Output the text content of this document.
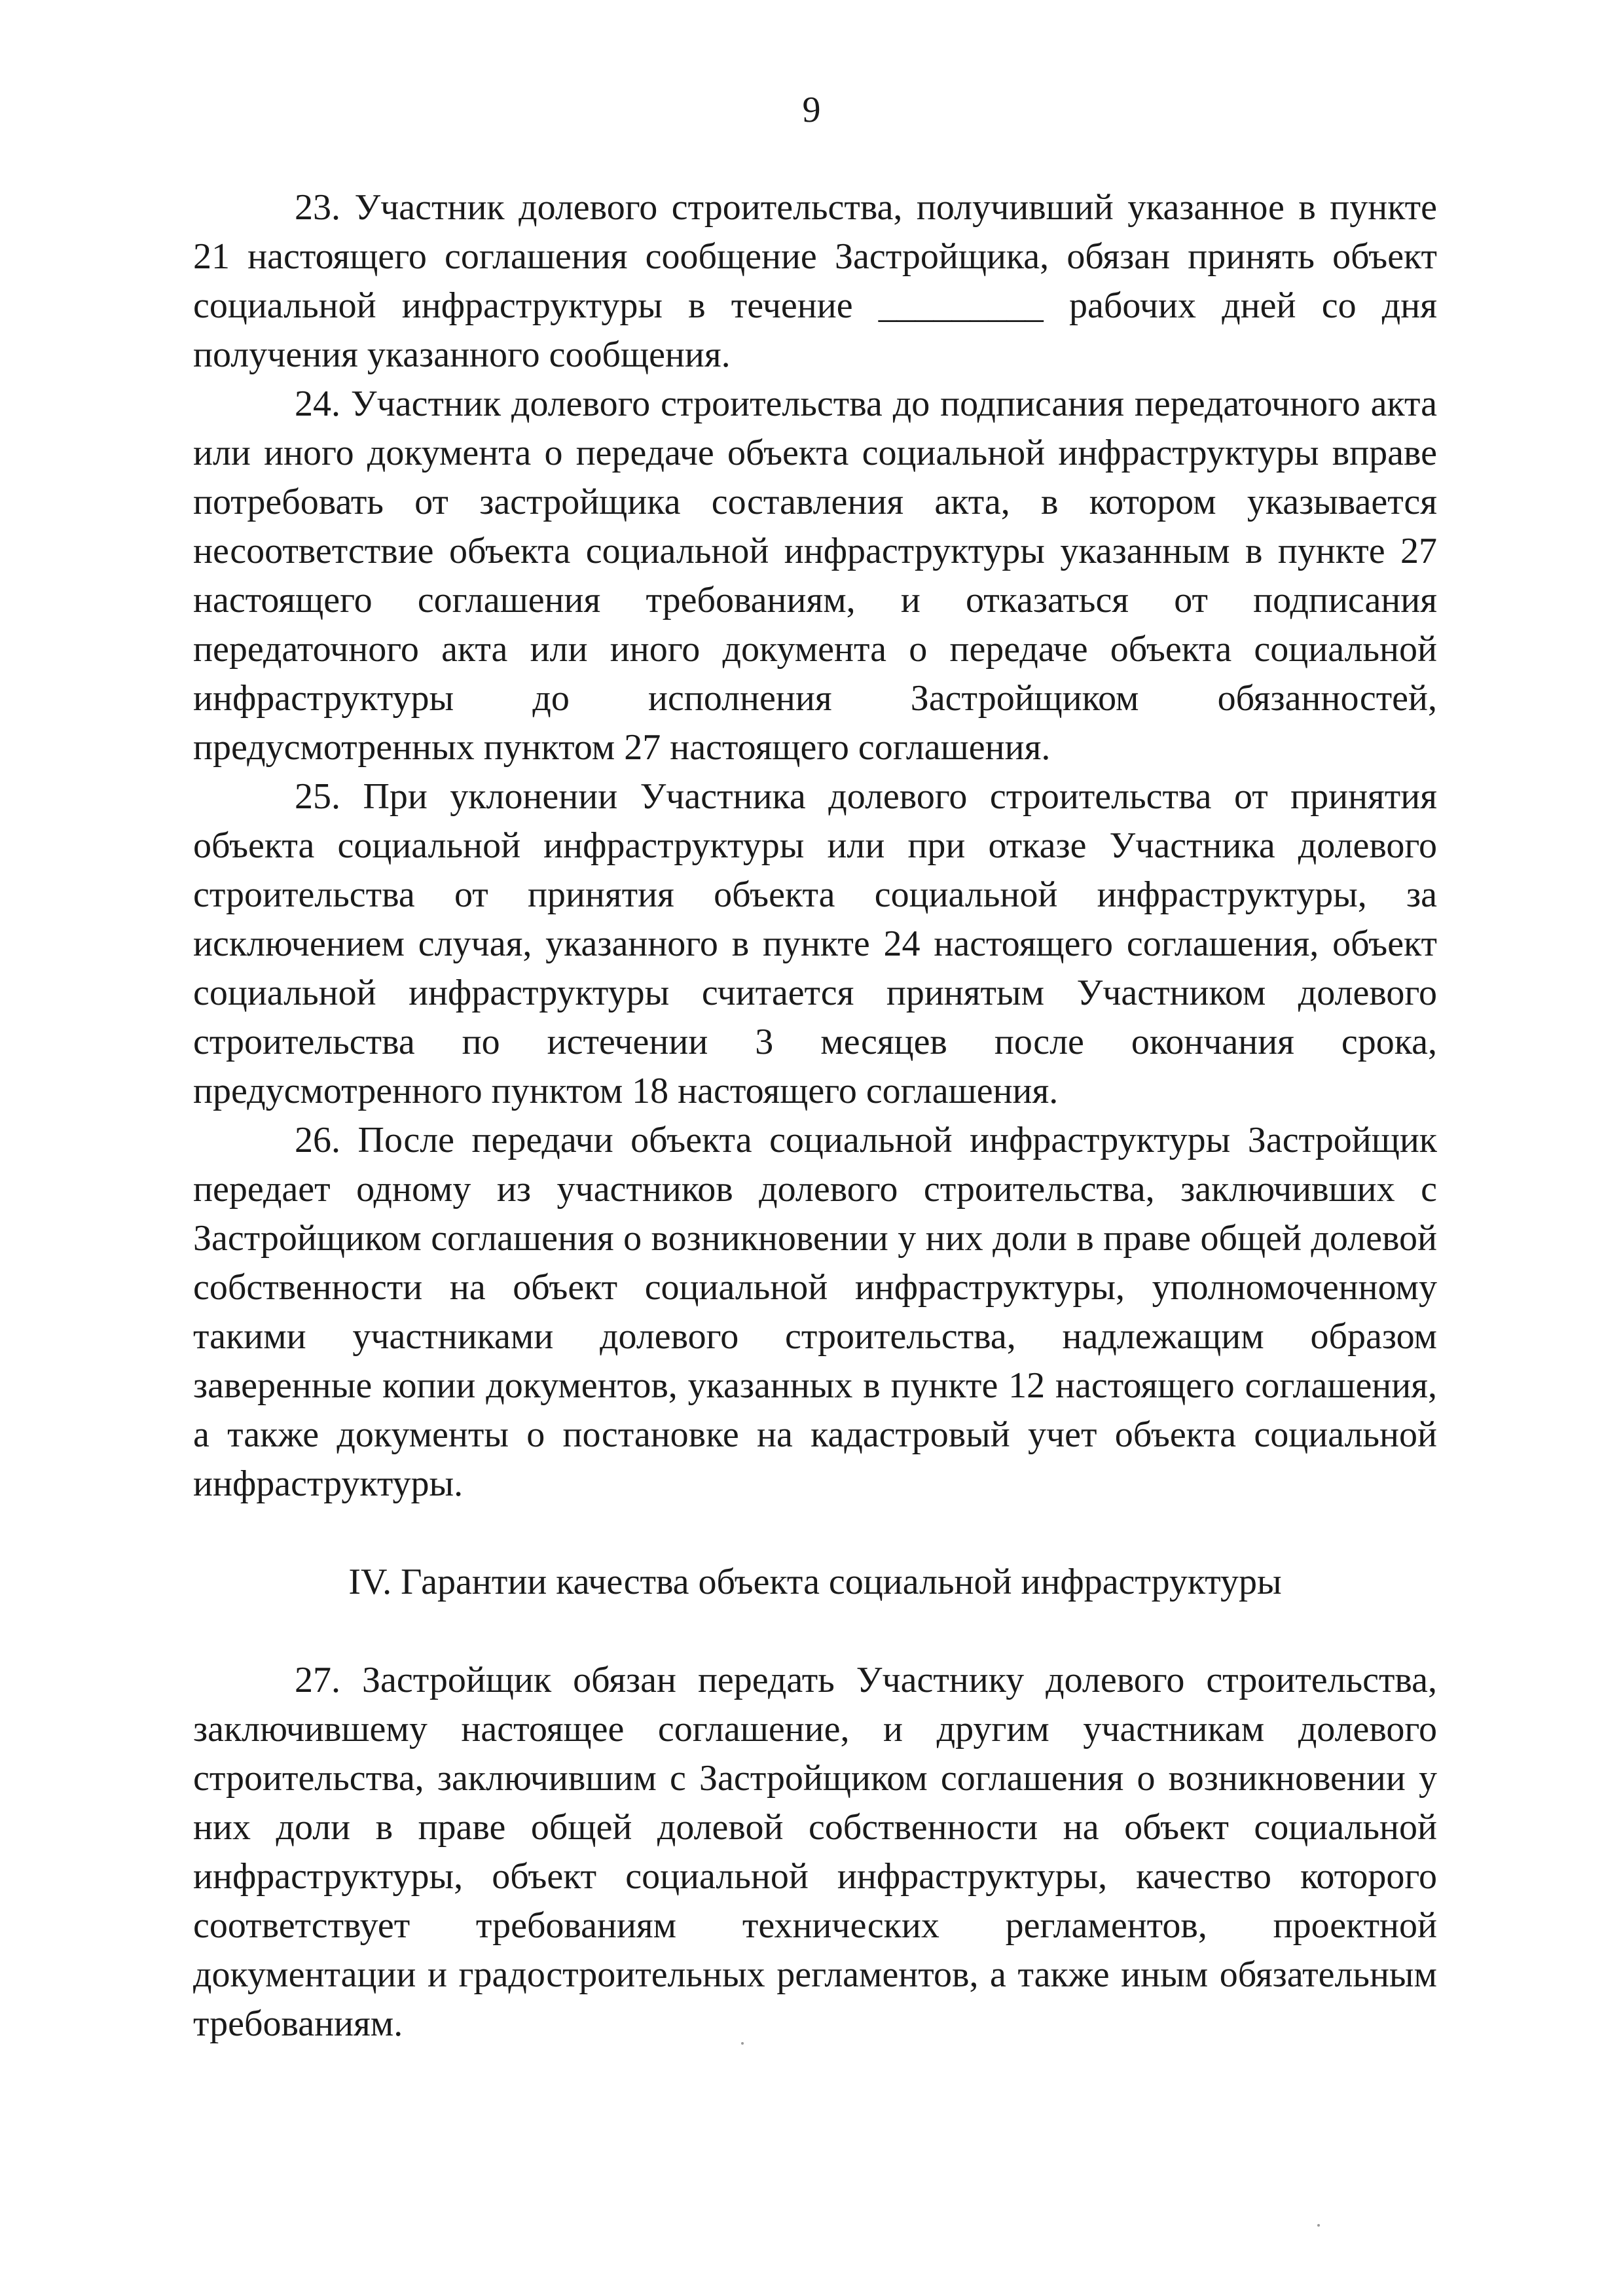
9

23. Участник долевого строительства, получивший указанное в пункте 21 настоящего соглашения сообщение Застройщика, обязан принять объект социальной инфраструктуры в течение _________ рабочих дней со дня получения указанного сообщения.

24. Участник долевого строительства до подписания передаточного акта или иного документа о передаче объекта социальной инфраструктуры вправе потребовать от застройщика составления акта, в котором указывается несоответствие объекта социальной инфраструктуры указанным в пункте 27 настоящего соглашения требованиям, и отказаться от подписания передаточного акта или иного документа о передаче объекта социальной инфраструктуры до исполнения Застройщиком обязанностей, предусмотренных пунктом 27 настоящего соглашения.

25. При уклонении Участника долевого строительства от принятия объекта социальной инфраструктуры или при отказе Участника долевого строительства от принятия объекта социальной инфраструктуры, за исключением случая, указанного в пункте 24 настоящего соглашения, объект социальной инфраструктуры считается принятым Участником долевого строительства по истечении 3 месяцев после окончания срока, предусмотренного пунктом 18 настоящего соглашения.

26. После передачи объекта социальной инфраструктуры Застройщик передает одному из участников долевого строительства, заключивших с Застройщиком соглашения о возникновении у них доли в праве общей долевой собственности на объект социальной инфраструктуры, уполномоченному такими участниками долевого строительства, надлежащим образом заверенные копии документов, указанных в пункте 12 настоящего соглашения, а также документы о постановке на кадастровый учет объекта социальной инфраструктуры.

IV. Гарантии качества объекта социальной инфраструктуры

27. Застройщик обязан передать Участнику долевого строительства, заключившему настоящее соглашение, и другим участникам долевого строительства, заключившим с Застройщиком соглашения о возникновении у них доли в праве общей долевой собственности на объект социальной инфраструктуры, объект социальной инфраструктуры, качество которого соответствует требованиям технических регламентов, проектной документации и градостроительных регламентов, а также иным обязательным требованиям.
